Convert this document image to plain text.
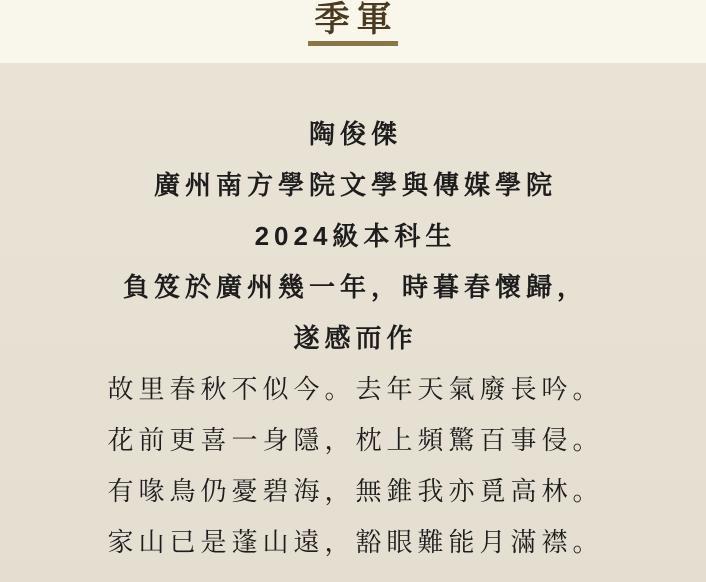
季軍

陶俊傑

廣州南方學院文學與傳媒學院

2024級本科生

負笈於廣州幾一年，時暮春懷歸，

遂感而作

故里春秋不似今。去年天氣廢長吟。

花前更喜一身隱，枕上頻驚百事侵。

有喙鳥仍憂碧海，無錐我亦覓高林。

家山已是蓬山遠，豁眼難能月滿襟。
